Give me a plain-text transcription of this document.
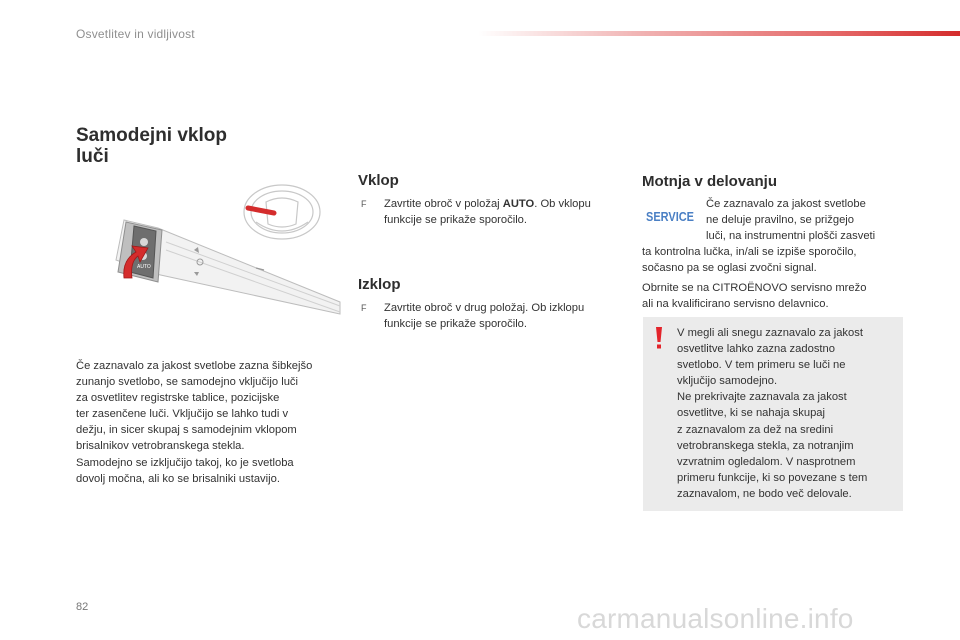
Osvetlitev in vidljivost
Samodejni vklop
luči
AUTO
Če zaznavalo za jakost svetlobe zazna šibkejšo
zunanjo svetlobo, se samodejno vključijo luči
za osvetlitev registrske tablice, pozicijske
ter zasenčene luči. Vključijo se lahko tudi v
dežju, in sicer skupaj s samodejnim vklopom
brisalnikov vetrobranskega stekla.
Samodejno se izključijo takoj, ko je svetloba
dovolj močna, ali ko se brisalniki ustavijo.
Vklop
F Zavrtite obroč v položaj AUTO. Ob vklopu
funkcije se prikaže sporočilo.
Izklop
F Zavrtite obroč v drug položaj. Ob izklopu
funkcije se prikaže sporočilo.
Motnja v delovanju
SERVICE
Če zaznavalo za jakost svetlobe
ne deluje pravilno, se prižgejo
luči, na instrumentni plošči zasveti
ta kontrolna lučka, in/ali se izpiše sporočilo,
sočasno pa se oglasi zvočni signal.
Obrnite se na CITROËNOVO servisno mrežo
ali na kvalificirano servisno delavnico.
V megli ali snegu zaznavalo za jakost
osvetlitve lahko zazna zadostno
svetlobo. V tem primeru se luči ne
vključijo samodejno.
Ne prekrivajte zaznavala za jakost
osvetlitve, ki se nahaja skupaj
z zaznavalom za dež na sredini
vetrobranskega stekla, za notranjim
vzvratnim ogledalom. V nasprotnem
primeru funkcije, ki so povezane s tem
zaznavalom, ne bodo več delovale.
82	carmanualsonline.info
